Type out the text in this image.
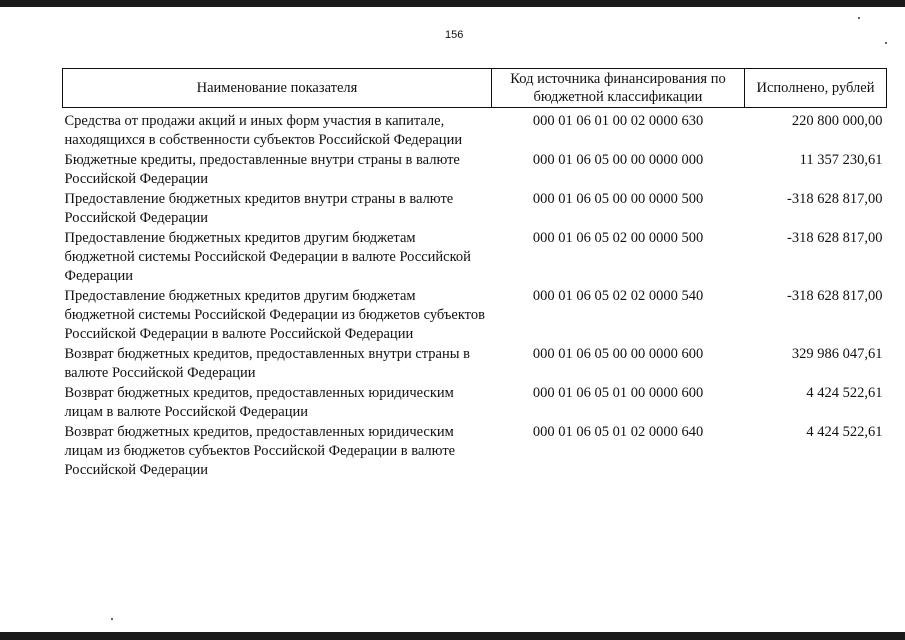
156
Наименование показателя	Код источника финансирования по бюджетной классификации	Исполнено, рублей
Средства от продажи акций и иных форм участия в капитале, находящихся в собственности субъектов Российской Федерации	000 01 06 01 00 02 0000 630	220 800 000,00
Бюджетные кредиты, предоставленные внутри страны в валюте Российской Федерации	000 01 06 05 00 00 0000 000	11 357 230,61
Предоставление бюджетных кредитов внутри страны в валюте Российской Федерации	000 01 06 05 00 00 0000 500	-318 628 817,00
Предоставление бюджетных кредитов другим бюджетам бюджетной системы Российской Федерации в валюте Российской Федерации	000 01 06 05 02 00 0000 500	-318 628 817,00
Предоставление бюджетных кредитов другим бюджетам бюджетной системы Российской Федерации из бюджетов субъектов Российской Федерации в валюте Российской Федерации	000 01 06 05 02 02 0000 540	-318 628 817,00
Возврат бюджетных кредитов, предоставленных внутри страны в валюте Российской Федерации	000 01 06 05 00 00 0000 600	329 986 047,61
Возврат бюджетных кредитов, предоставленных юридическим лицам в валюте Российской Федерации	000 01 06 05 01 00 0000 600	4 424 522,61
Возврат бюджетных кредитов, предоставленных юридическим лицам из бюджетов субъектов Российской Федерации в валюте Российской Федерации	000 01 06 05 01 02 0000 640	4 424 522,61
